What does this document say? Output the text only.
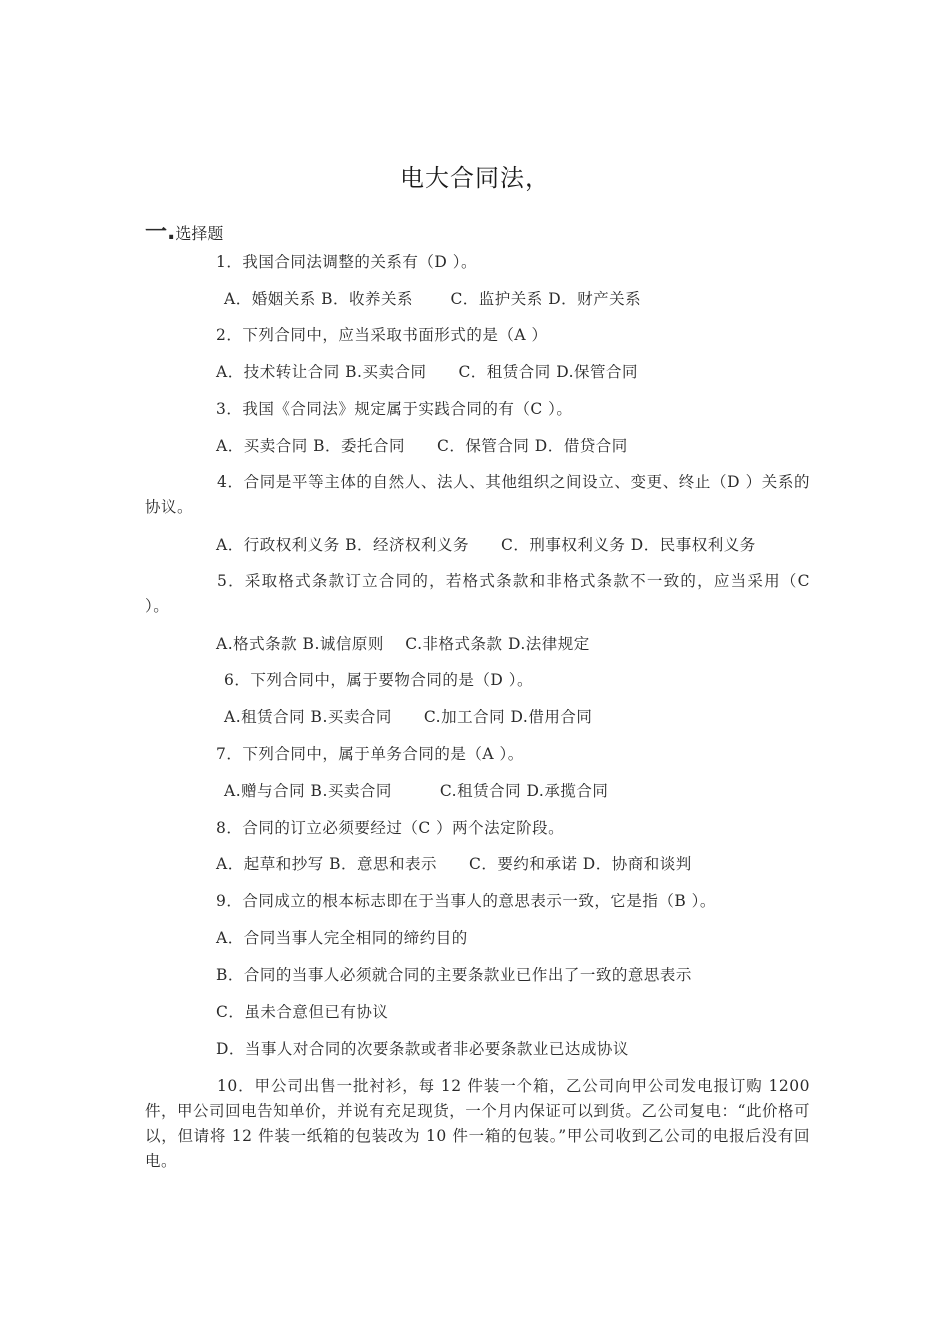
电大合同法，
一.选择题
1．我国合同法调整的关系有（D ）。
A．婚姻关系 B．收养关系　　 C．监护关系 D．财产关系
2．下列合同中，应当采取书面形式的是（A ）
A．技术转让合同 B.买卖合同　　C．租赁合同 D.保管合同
3．我国《合同法》规定属于实践合同的有（C ）。
A．买卖合同 B．委托合同　　C．保管合同 D．借贷合同
4．合同是平等主体的自然人、法人、其他组织之间设立、变更、终止（D ）关系的协议。
A．行政权利义务 B．经济权利义务　　C．刑事权利义务 D．民事权利义务
5．采取格式条款订立合同的，若格式条款和非格式条款不一致的，应当采用（C ）。
A.格式条款 B.诚信原则　 C.非格式条款 D.法律规定
6．下列合同中，属于要物合同的是（D ）。
A.租赁合同 B.买卖合同　　C.加工合同 D.借用合同
7．下列合同中，属于单务合同的是（A ）。
A.赠与合同 B.买卖合同　　　C.租赁合同 D.承揽合同
8．合同的订立必须要经过（C ）两个法定阶段。
A．起草和抄写 B．意思和表示　　C．要约和承诺 D．协商和谈判
9．合同成立的根本标志即在于当事人的意思表示一致，它是指（B ）。
A．合同当事人完全相同的缔约目的
B．合同的当事人必须就合同的主要条款业已作出了一致的意思表示
C．虽未合意但已有协议
D．当事人对合同的次要条款或者非必要条款业已达成协议
10．甲公司出售一批衬衫，每 12 件装一个箱，乙公司向甲公司发电报订购 1200 件，甲公司回电告知单价，并说有充足现货，一个月内保证可以到货。乙公司复电：“此价格可以，但请将 12 件装一纸箱的包装改为 10 件一箱的包装。”甲公司收到乙公司的电报后没有回电。
